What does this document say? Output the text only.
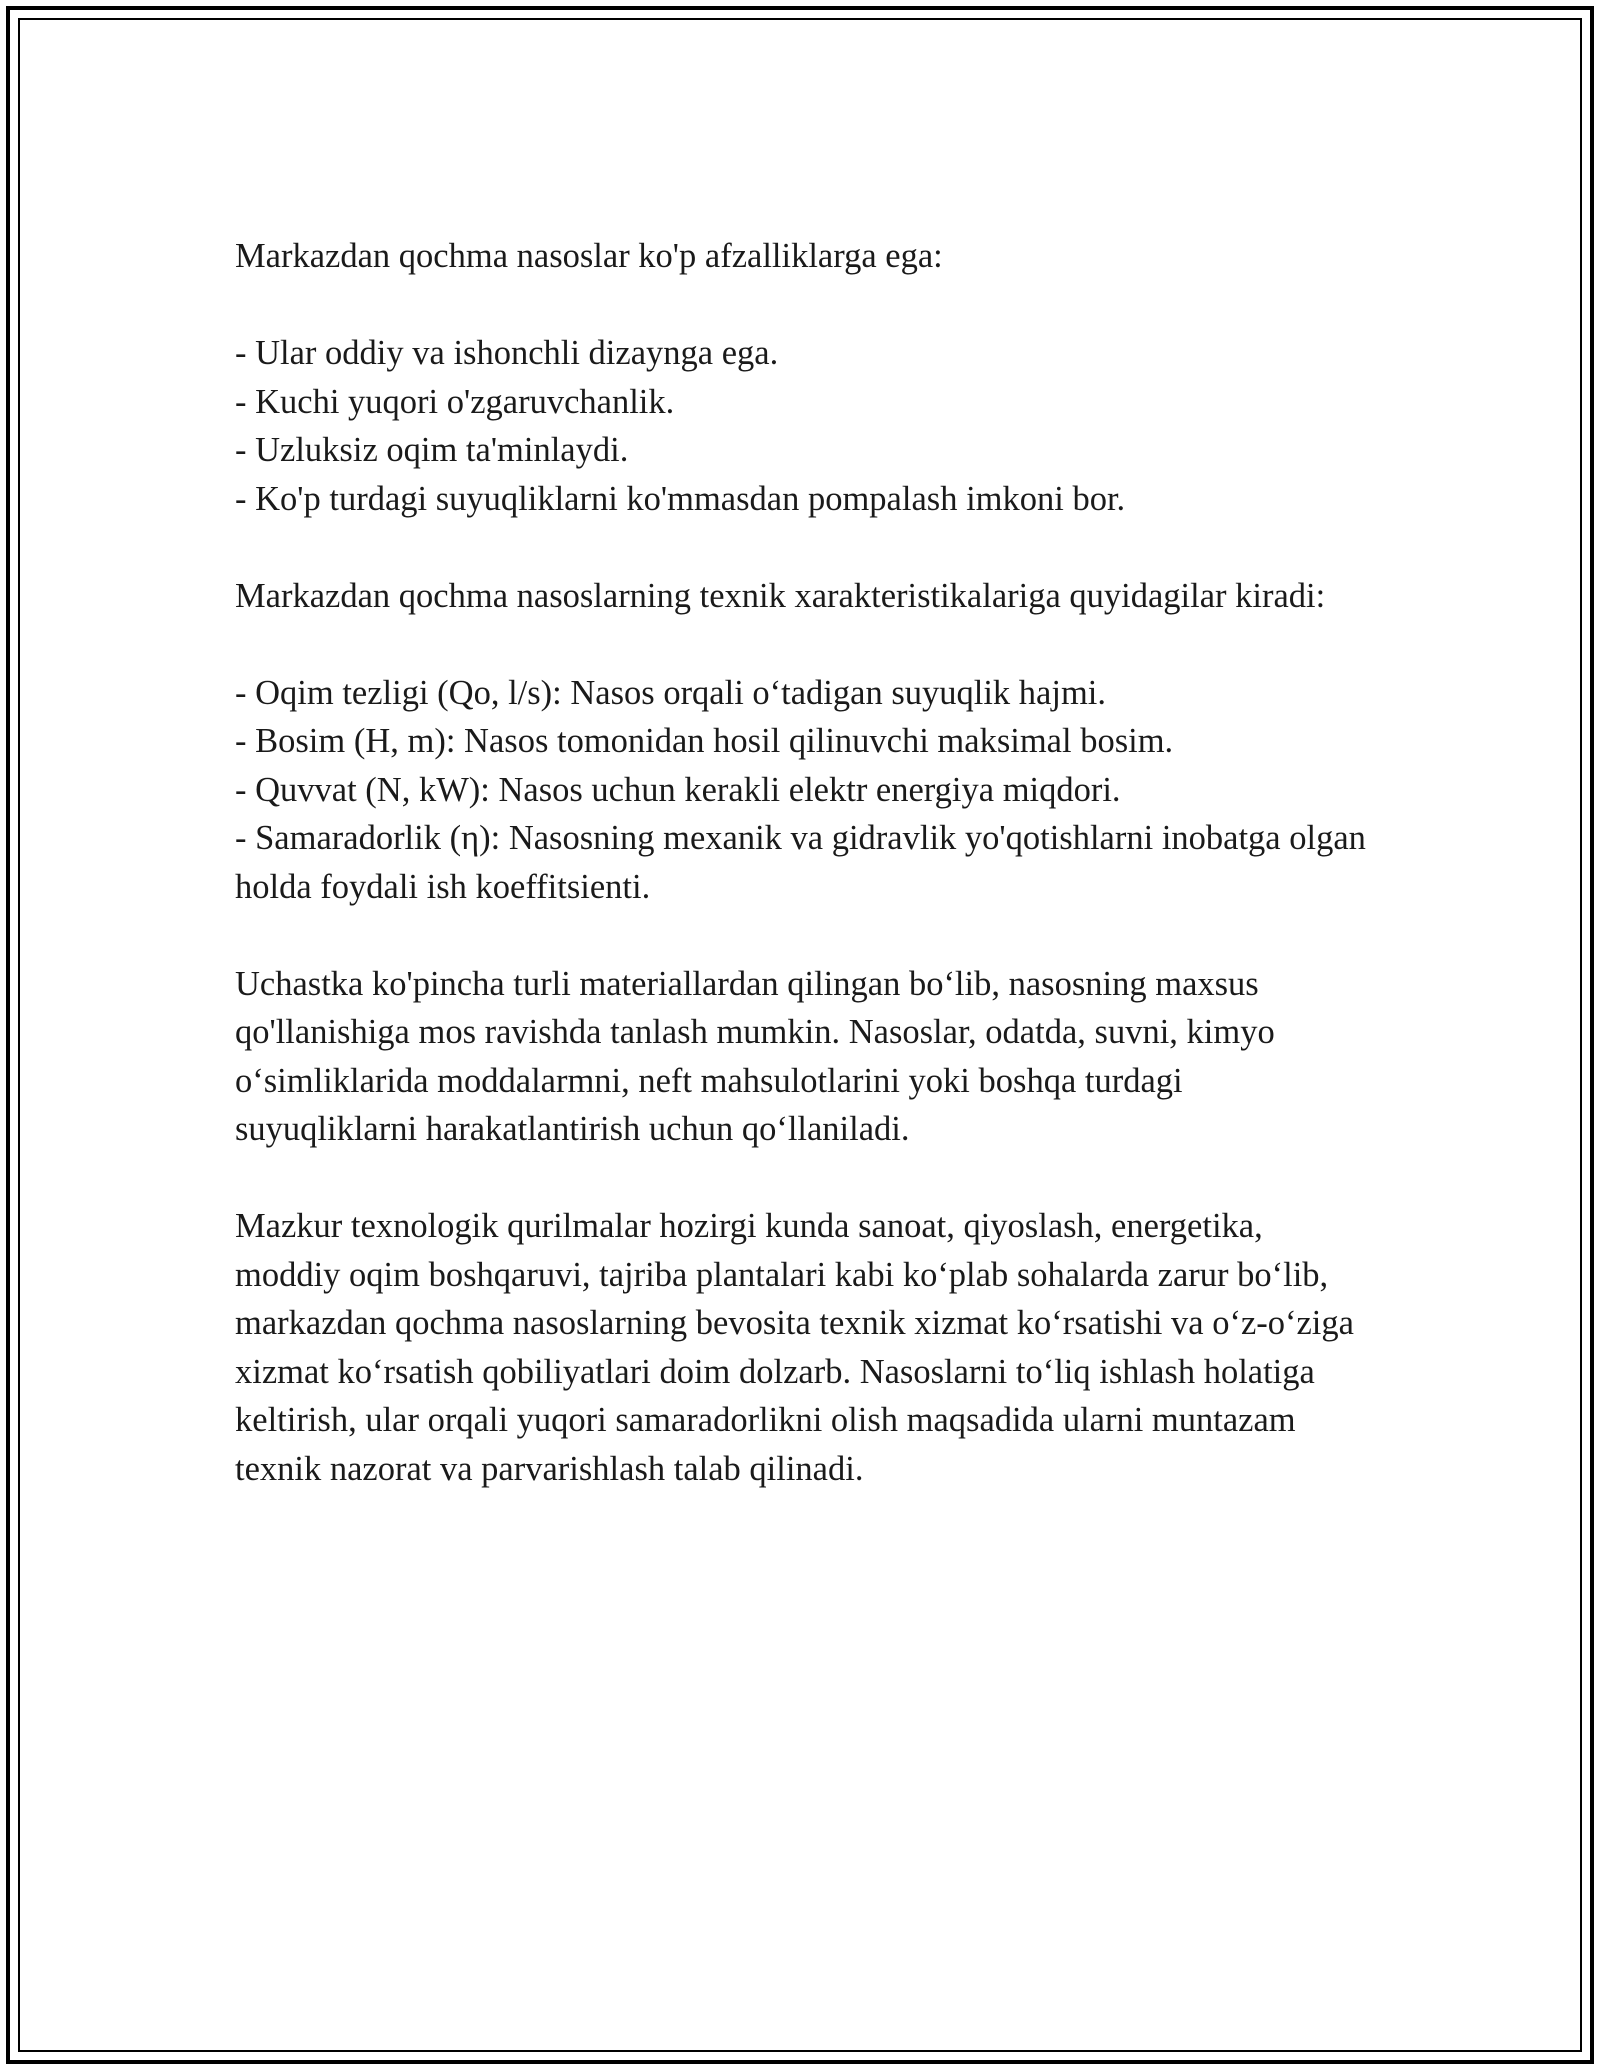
Markazdan qochma nasoslar ko'p afzalliklarga ega:

- Ular oddiy va ishonchli dizaynga ega.
- Kuchi yuqori o'zgaruvchanlik.
- Uzluksiz oqim ta'minlaydi.
- Ko'p turdagi suyuqliklarni ko'mmasdan pompalash imkoni bor.

Markazdan qochma nasoslarning texnik xarakteristikalariga quyidagilar kiradi:

- Oqim tezligi (Qo, l/s): Nasos orqali o‘tadigan suyuqlik hajmi.
- Bosim (H, m): Nasos tomonidan hosil qilinuvchi maksimal bosim.
- Quvvat (N, kW): Nasos uchun kerakli elektr energiya miqdori.
- Samaradorlik (η): Nasosning mexanik va gidravlik yo'qotishlarni inobatga olgan holda foydali ish koeffitsienti.

Uchastka ko'pincha turli materiallardan qilingan bo‘lib, nasosning maxsus qo'llanishiga mos ravishda tanlash mumkin. Nasoslar, odatda, suvni, kimyo o‘simliklarida moddalarmni, neft mahsulotlarini yoki boshqa turdagi suyuqliklarni harakatlantirish uchun qo‘llaniladi.

Mazkur texnologik qurilmalar hozirgi kunda sanoat, qiyoslash, energetika, moddiy oqim boshqaruvi, tajriba plantalari kabi ko‘plab sohalarda zarur bo‘lib, markazdan qochma nasoslarning bevosita texnik xizmat ko‘rsatishi va o‘z-o‘ziga xizmat ko‘rsatish qobiliyatlari doim dolzarb. Nasoslarni to‘liq ishlash holatiga keltirish, ular orqali yuqori samaradorlikni olish maqsadida ularni muntazam texnik nazorat va parvarishlash talab qilinadi.
